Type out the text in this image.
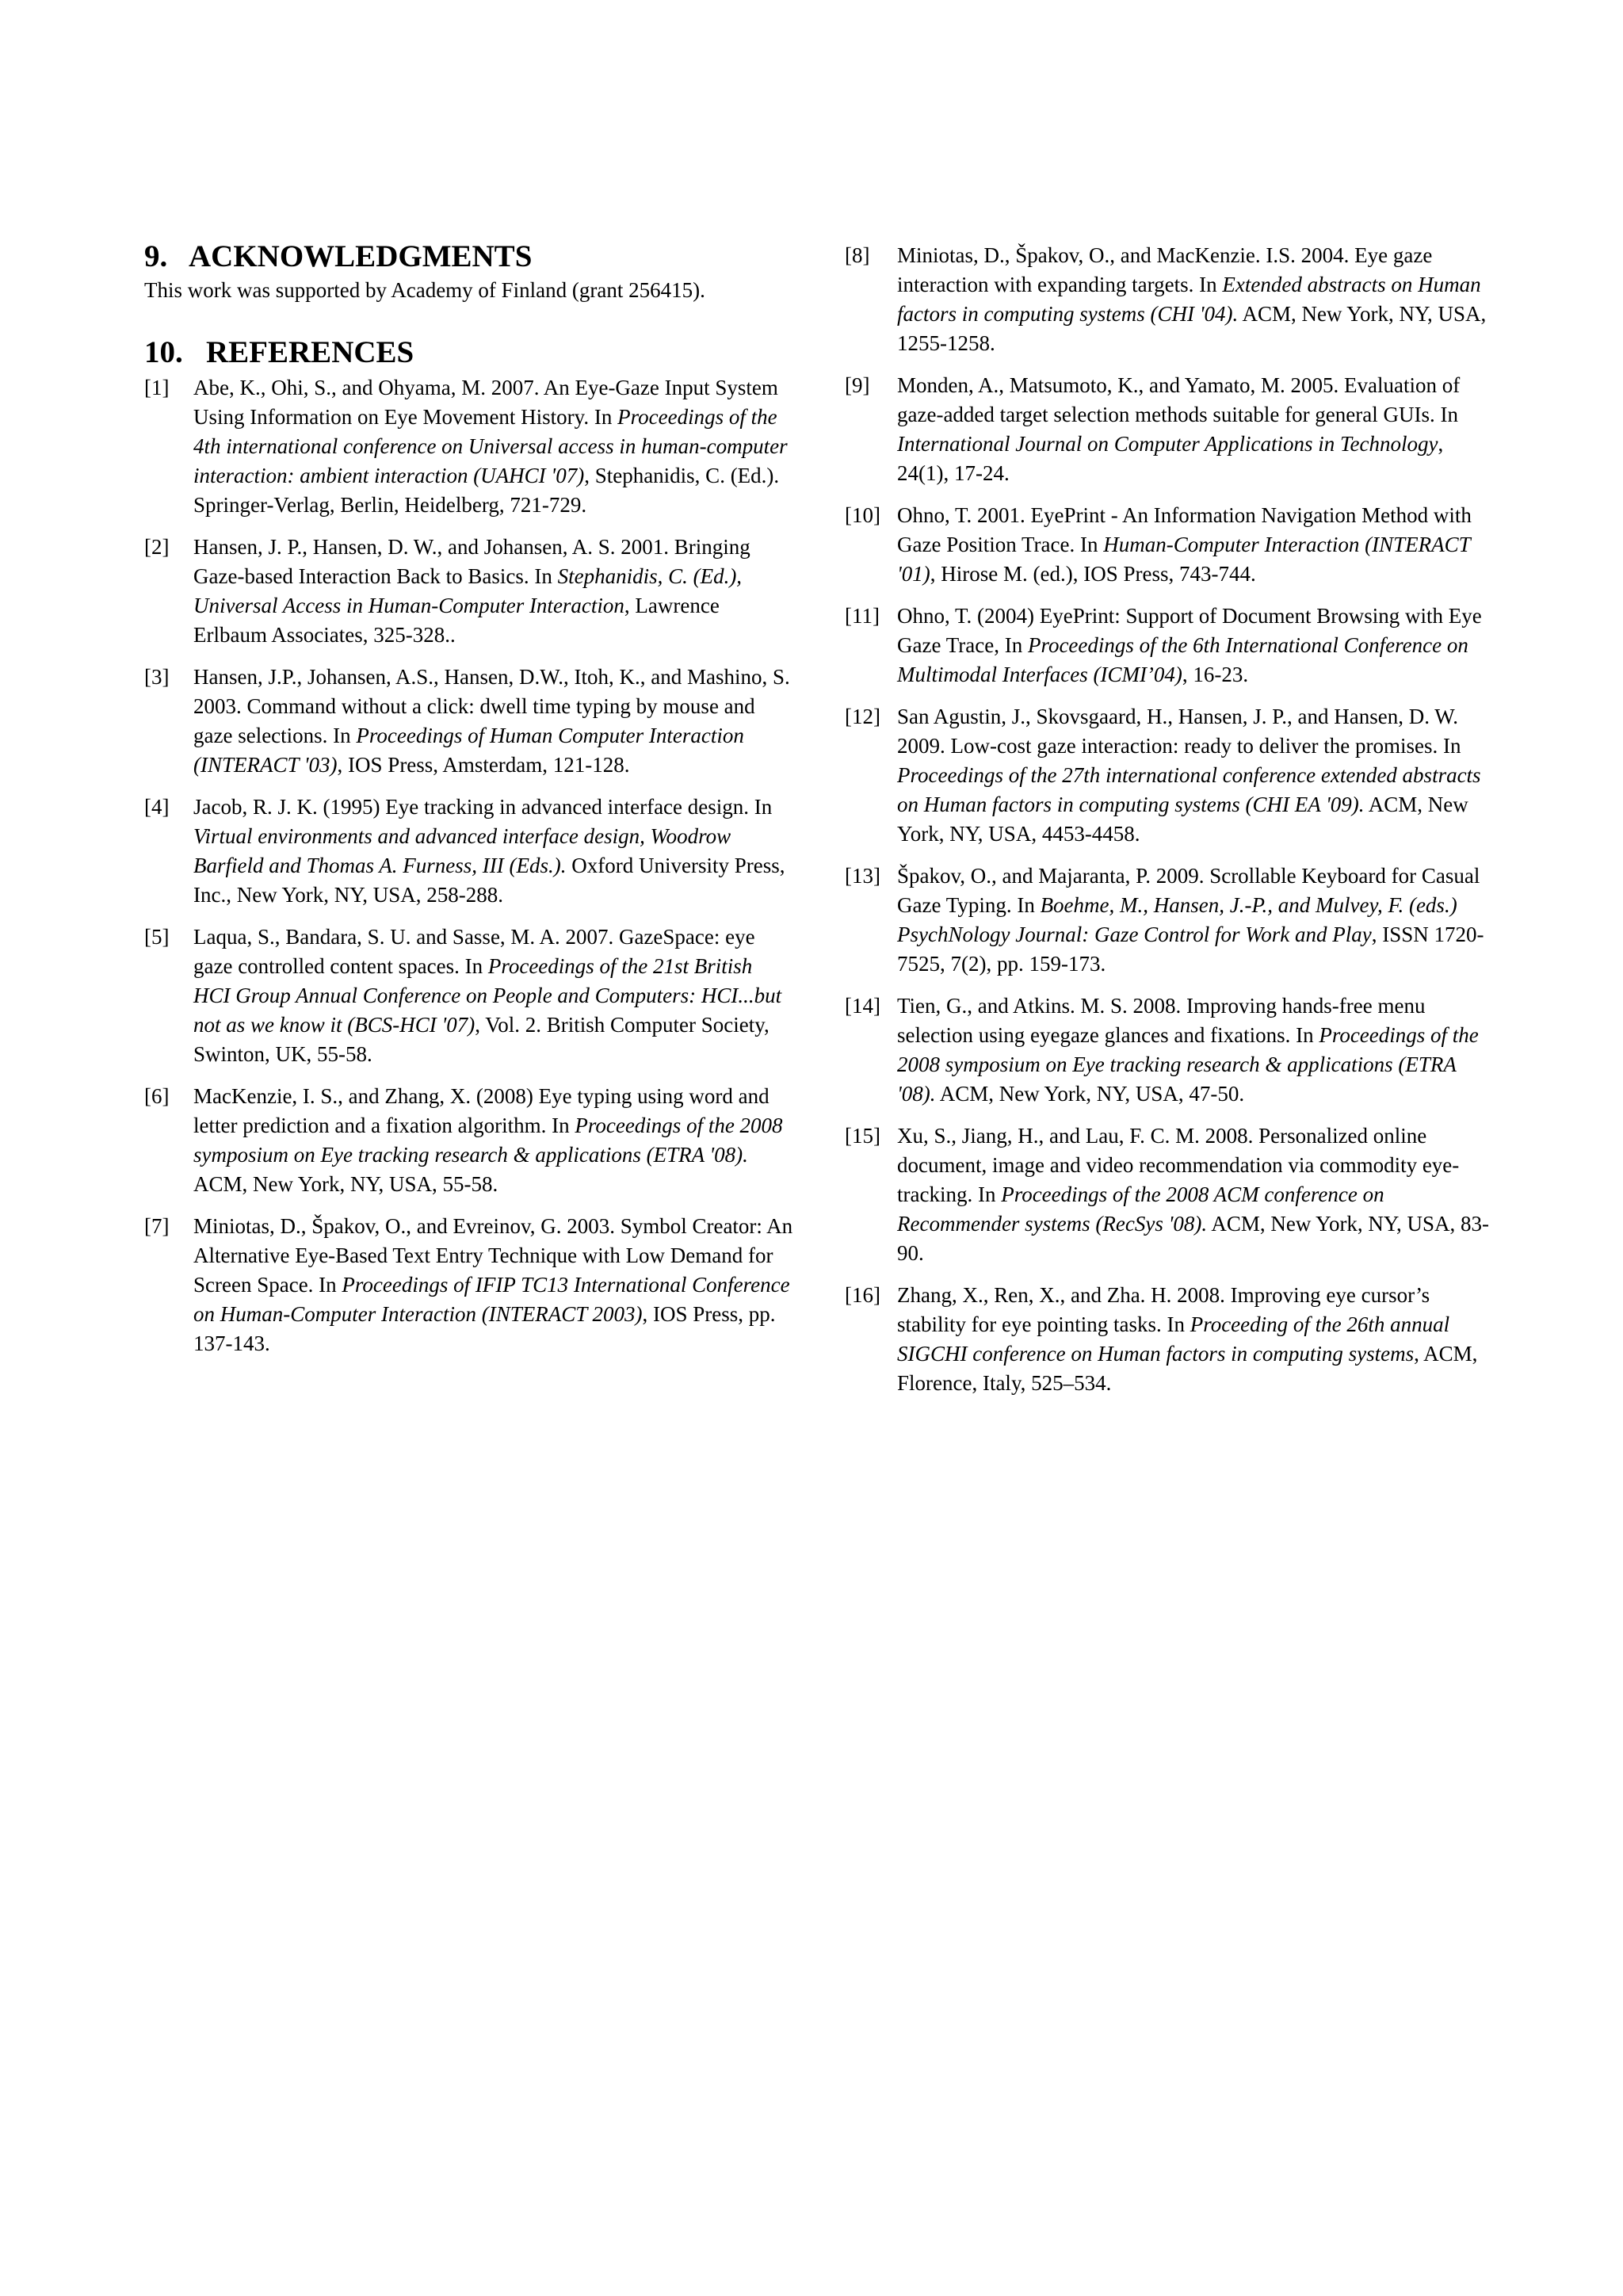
9. ACKNOWLEDGMENTS

This work was supported by Academy of Finland (grant 256415).

10. REFERENCES
[1] Abe, K., Ohi, S., and Ohyama, M. 2007. An Eye-Gaze Input System Using Information on Eye Movement History. In Proceedings of the 4th international conference on Universal access in human-computer interaction: ambient interaction (UAHCI '07), Stephanidis, C. (Ed.). Springer-Verlag, Berlin, Heidelberg, 721-729.
[2] Hansen, J. P., Hansen, D. W., and Johansen, A. S. 2001. Bringing Gaze-based Interaction Back to Basics. In Stephanidis, C. (Ed.), Universal Access in Human-Computer Interaction, Lawrence Erlbaum Associates, 325-328..
[3] Hansen, J.P., Johansen, A.S., Hansen, D.W., Itoh, K., and Mashino, S. 2003. Command without a click: dwell time typing by mouse and gaze selections. In Proceedings of Human Computer Interaction (INTERACT '03), IOS Press, Amsterdam, 121-128.
[4] Jacob, R. J. K. (1995) Eye tracking in advanced interface design. In Virtual environments and advanced interface design, Woodrow Barfield and Thomas A. Furness, III (Eds.). Oxford University Press, Inc., New York, NY, USA, 258-288.
[5] Laqua, S., Bandara, S. U. and Sasse, M. A. 2007. GazeSpace: eye gaze controlled content spaces. In Proceedings of the 21st British HCI Group Annual Conference on People and Computers: HCI...but not as we know it (BCS-HCI '07), Vol. 2. British Computer Society, Swinton, UK, 55-58.
[6] MacKenzie, I. S., and Zhang, X. (2008) Eye typing using word and letter prediction and a fixation algorithm. In Proceedings of the 2008 symposium on Eye tracking research & applications (ETRA '08). ACM, New York, NY, USA, 55-58.
[7] Miniotas, D., Špakov, O., and Evreinov, G. 2003. Symbol Creator: An Alternative Eye-Based Text Entry Technique with Low Demand for Screen Space. In Proceedings of IFIP TC13 International Conference on Human-Computer Interaction (INTERACT 2003), IOS Press, pp. 137-143.
[8] Miniotas, D., Špakov, O., and MacKenzie. I.S. 2004. Eye gaze interaction with expanding targets. In Extended abstracts on Human factors in computing systems (CHI '04). ACM, New York, NY, USA, 1255-1258.
[9] Monden, A., Matsumoto, K., and Yamato, M. 2005. Evaluation of gaze-added target selection methods suitable for general GUIs. In International Journal on Computer Applications in Technology, 24(1), 17-24.
[10] Ohno, T. 2001. EyePrint - An Information Navigation Method with Gaze Position Trace. In Human-Computer Interaction (INTERACT '01), Hirose M. (ed.), IOS Press, 743-744.
[11] Ohno, T. (2004) EyePrint: Support of Document Browsing with Eye Gaze Trace, In Proceedings of the 6th International Conference on Multimodal Interfaces (ICMI’04), 16-23.
[12] San Agustin, J., Skovsgaard, H., Hansen, J. P., and Hansen, D. W. 2009. Low-cost gaze interaction: ready to deliver the promises. In Proceedings of the 27th international conference extended abstracts on Human factors in computing systems (CHI EA '09). ACM, New York, NY, USA, 4453-4458.
[13] Špakov, O., and Majaranta, P. 2009. Scrollable Keyboard for Casual Gaze Typing. In Boehme, M., Hansen, J.-P., and Mulvey, F. (eds.) PsychNology Journal: Gaze Control for Work and Play, ISSN 1720-7525, 7(2), pp. 159-173.
[14] Tien, G., and Atkins. M. S. 2008. Improving hands-free menu selection using eyegaze glances and fixations. In Proceedings of the 2008 symposium on Eye tracking research & applications (ETRA '08). ACM, New York, NY, USA, 47-50.
[15] Xu, S., Jiang, H., and Lau, F. C. M. 2008. Personalized online document, image and video recommendation via commodity eye-tracking. In Proceedings of the 2008 ACM conference on Recommender systems (RecSys '08). ACM, New York, NY, USA, 83-90.
[16] Zhang, X., Ren, X., and Zha. H. 2008. Improving eye cursor’s stability for eye pointing tasks. In Proceeding of the 26th annual SIGCHI conference on Human factors in computing systems, ACM, Florence, Italy, 525–534.
